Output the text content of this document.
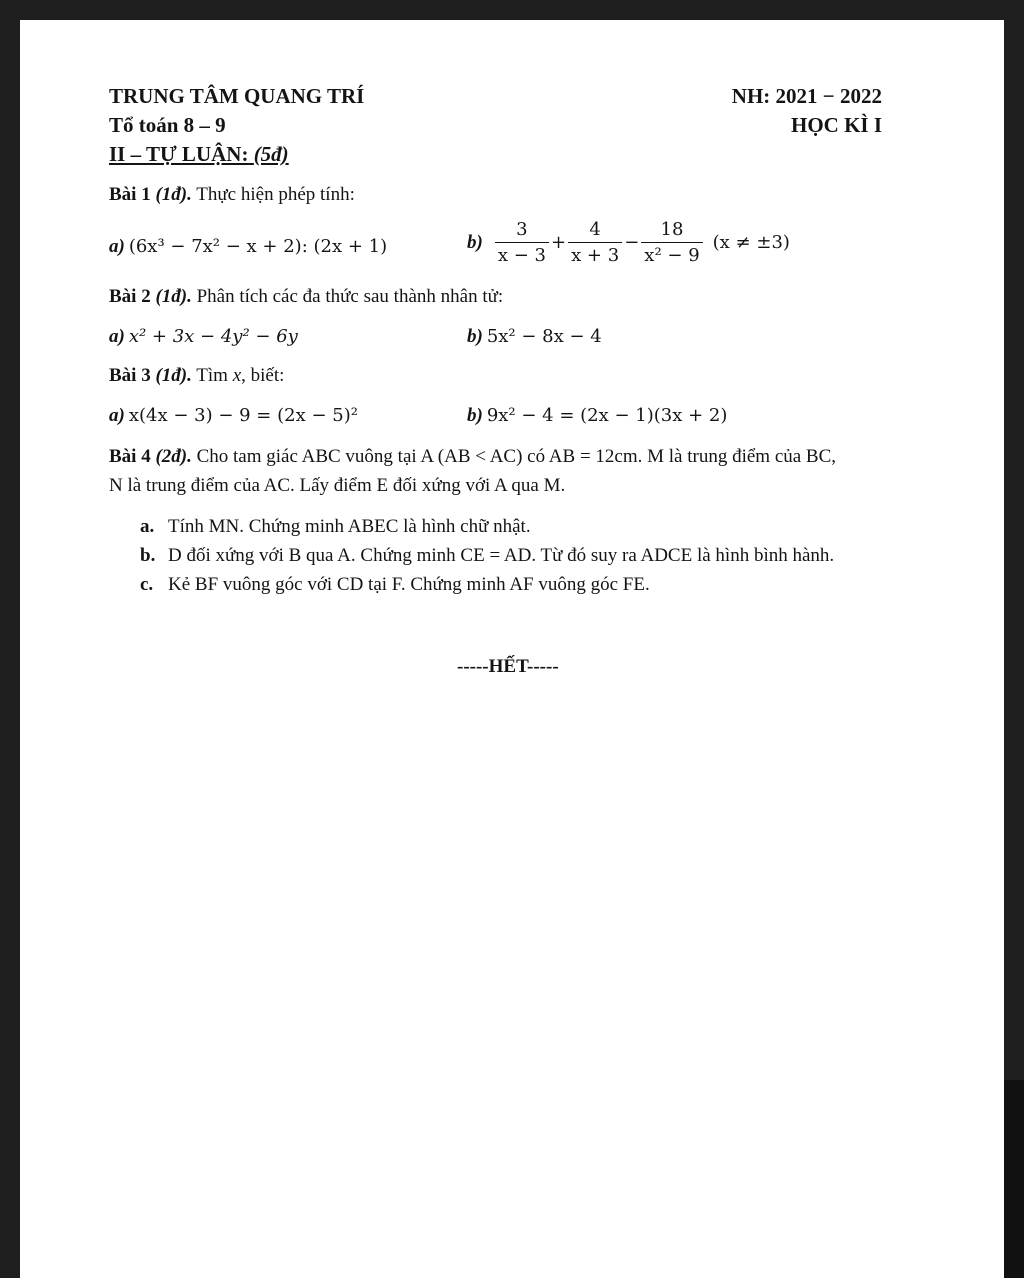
TRUNG TÂM QUANG TRÍ	NH: 2021 − 2022
Tổ toán 8 – 9	HỌC KÌ I
II – TỰ LUẬN: (5đ)
Bài 1 (1đ). Thực hiện phép tính:
a) (6x³ − 7x² − x + 2): (2x + 1)	$b) \frac{3}{x - 3} + \frac{4}{x + 3} - \frac{18}{\text{x² − 9}} (x \ne \pm 3)$
Bài 2 (1đ). Phân tích các đa thức sau thành nhân tử:
a) x² + 3x − 4y² − 6y	b) 5x² − 8x − 4
Bài 3 (1đ). Tìm x, biết:
a) x(4x − 3) − 9 = (2x − 5)²	b) 9x² − 4 = (2x − 1)(3x + 2)
Bài 4 (2đ). Cho tam giác ABC vuông tại A (AB < AC) có AB = 12cm. M là trung điểm của BC,
N là trung điểm của AC. Lấy điểm E đối xứng với A qua M.
a. Tính MN. Chứng minh ABEC là hình chữ nhật.
b. D đối xứng với B qua A. Chứng minh CE = AD. Từ đó suy ra ADCE là hình bình hành.
c. Kẻ BF vuông góc với CD tại F. Chứng minh AF vuông góc FE.
-----HẾT-----
